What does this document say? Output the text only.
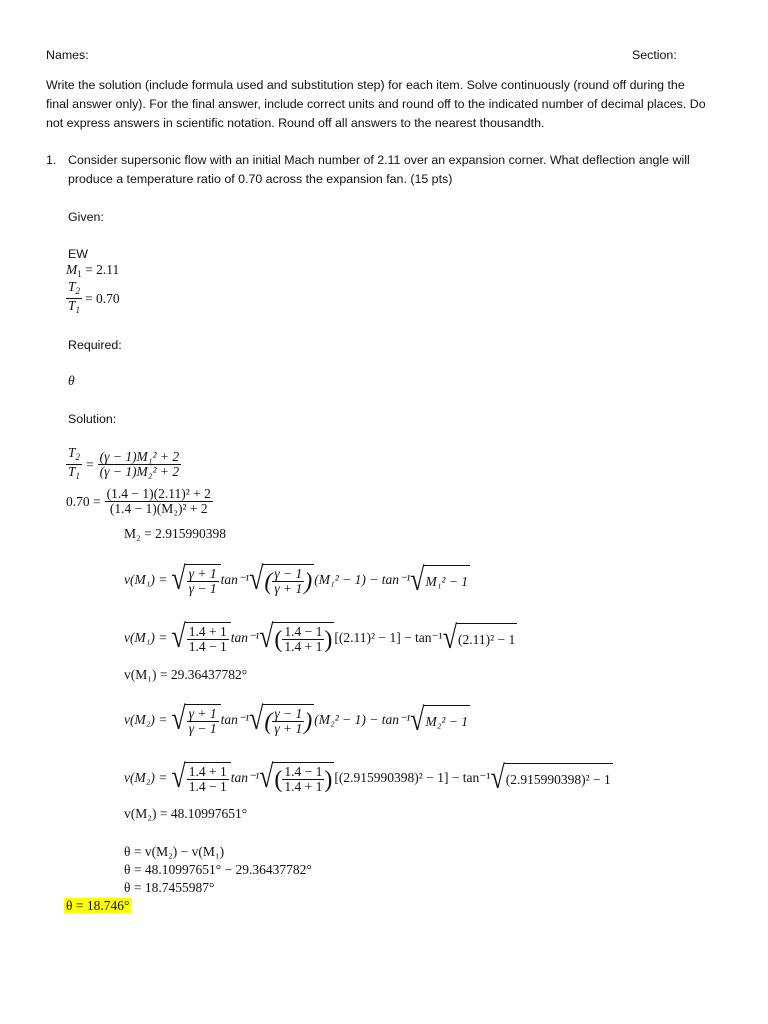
Names:	Section:
Write the solution (include formula used and substitution step) for each item. Solve continuously (round off during the
final answer only). For the final answer, include correct units and round off to the indicated number of decimal places. Do
not express answers in scientific notation. Round off all answers to the nearest thousandth.
1. Consider supersonic flow with an initial Mach number of 2.11 over an expansion corner. What deflection angle will
produce a temperature ratio of 0.70 across the expansion fan. (15 pts)
Given:
EW
$M_1 = 2.11$
$\frac{T_2}{T_1} = 0.70$
Required:
θ
Solution:
$\frac{T_2}{T_1} = \frac{\text{(γ − 1)M₁² + 2}}{\text{(γ − 1)M₂² + 2}}$
$0.70 = \frac{\text{(1.4 − 1)(2.11)² + 2}}{\text{(1.4 − 1)(M₂)² + 2}}$
M₂ = 2.915990398
v(M₁) = √ $\frac{\gamma + 1}{\gamma - 1} \tan^{-1}$ √ ( $\frac{\gamma - 1}{\gamma + 1}$ ) (M₁² − 1) − tan⁻¹ √ M₁² − 1
v(M₁) = √ $\frac{1.4 + 1}{1.4 - 1} \tan^{-1}$ √ ( $\frac{1.4 - 1}{1.4 + 1}$ ) [(2.11)² − 1] − tan⁻¹ √ (2.11)² − 1
v(M₁) = 29.36437782°
v(M₂) = √ $\frac{\gamma + 1}{\gamma - 1} \tan^{-1}$ √ ( $\frac{\gamma - 1}{\gamma + 1}$ ) (M₂² − 1) − tan⁻¹ √ M₂² − 1
v(M₂) = √ $\frac{1.4 + 1}{1.4 - 1} \tan^{-1}$ √ ( $\frac{1.4 - 1}{1.4 + 1}$ ) [(2.915990398)² − 1] − tan⁻¹ √ (2.915990398)² − 1
v(M₂) = 48.10997651°
θ = v(M₂) − v(M₁)
θ = 48.10997651° − 29.36437782°
θ = 18.7455987°
θ = 18.746°
